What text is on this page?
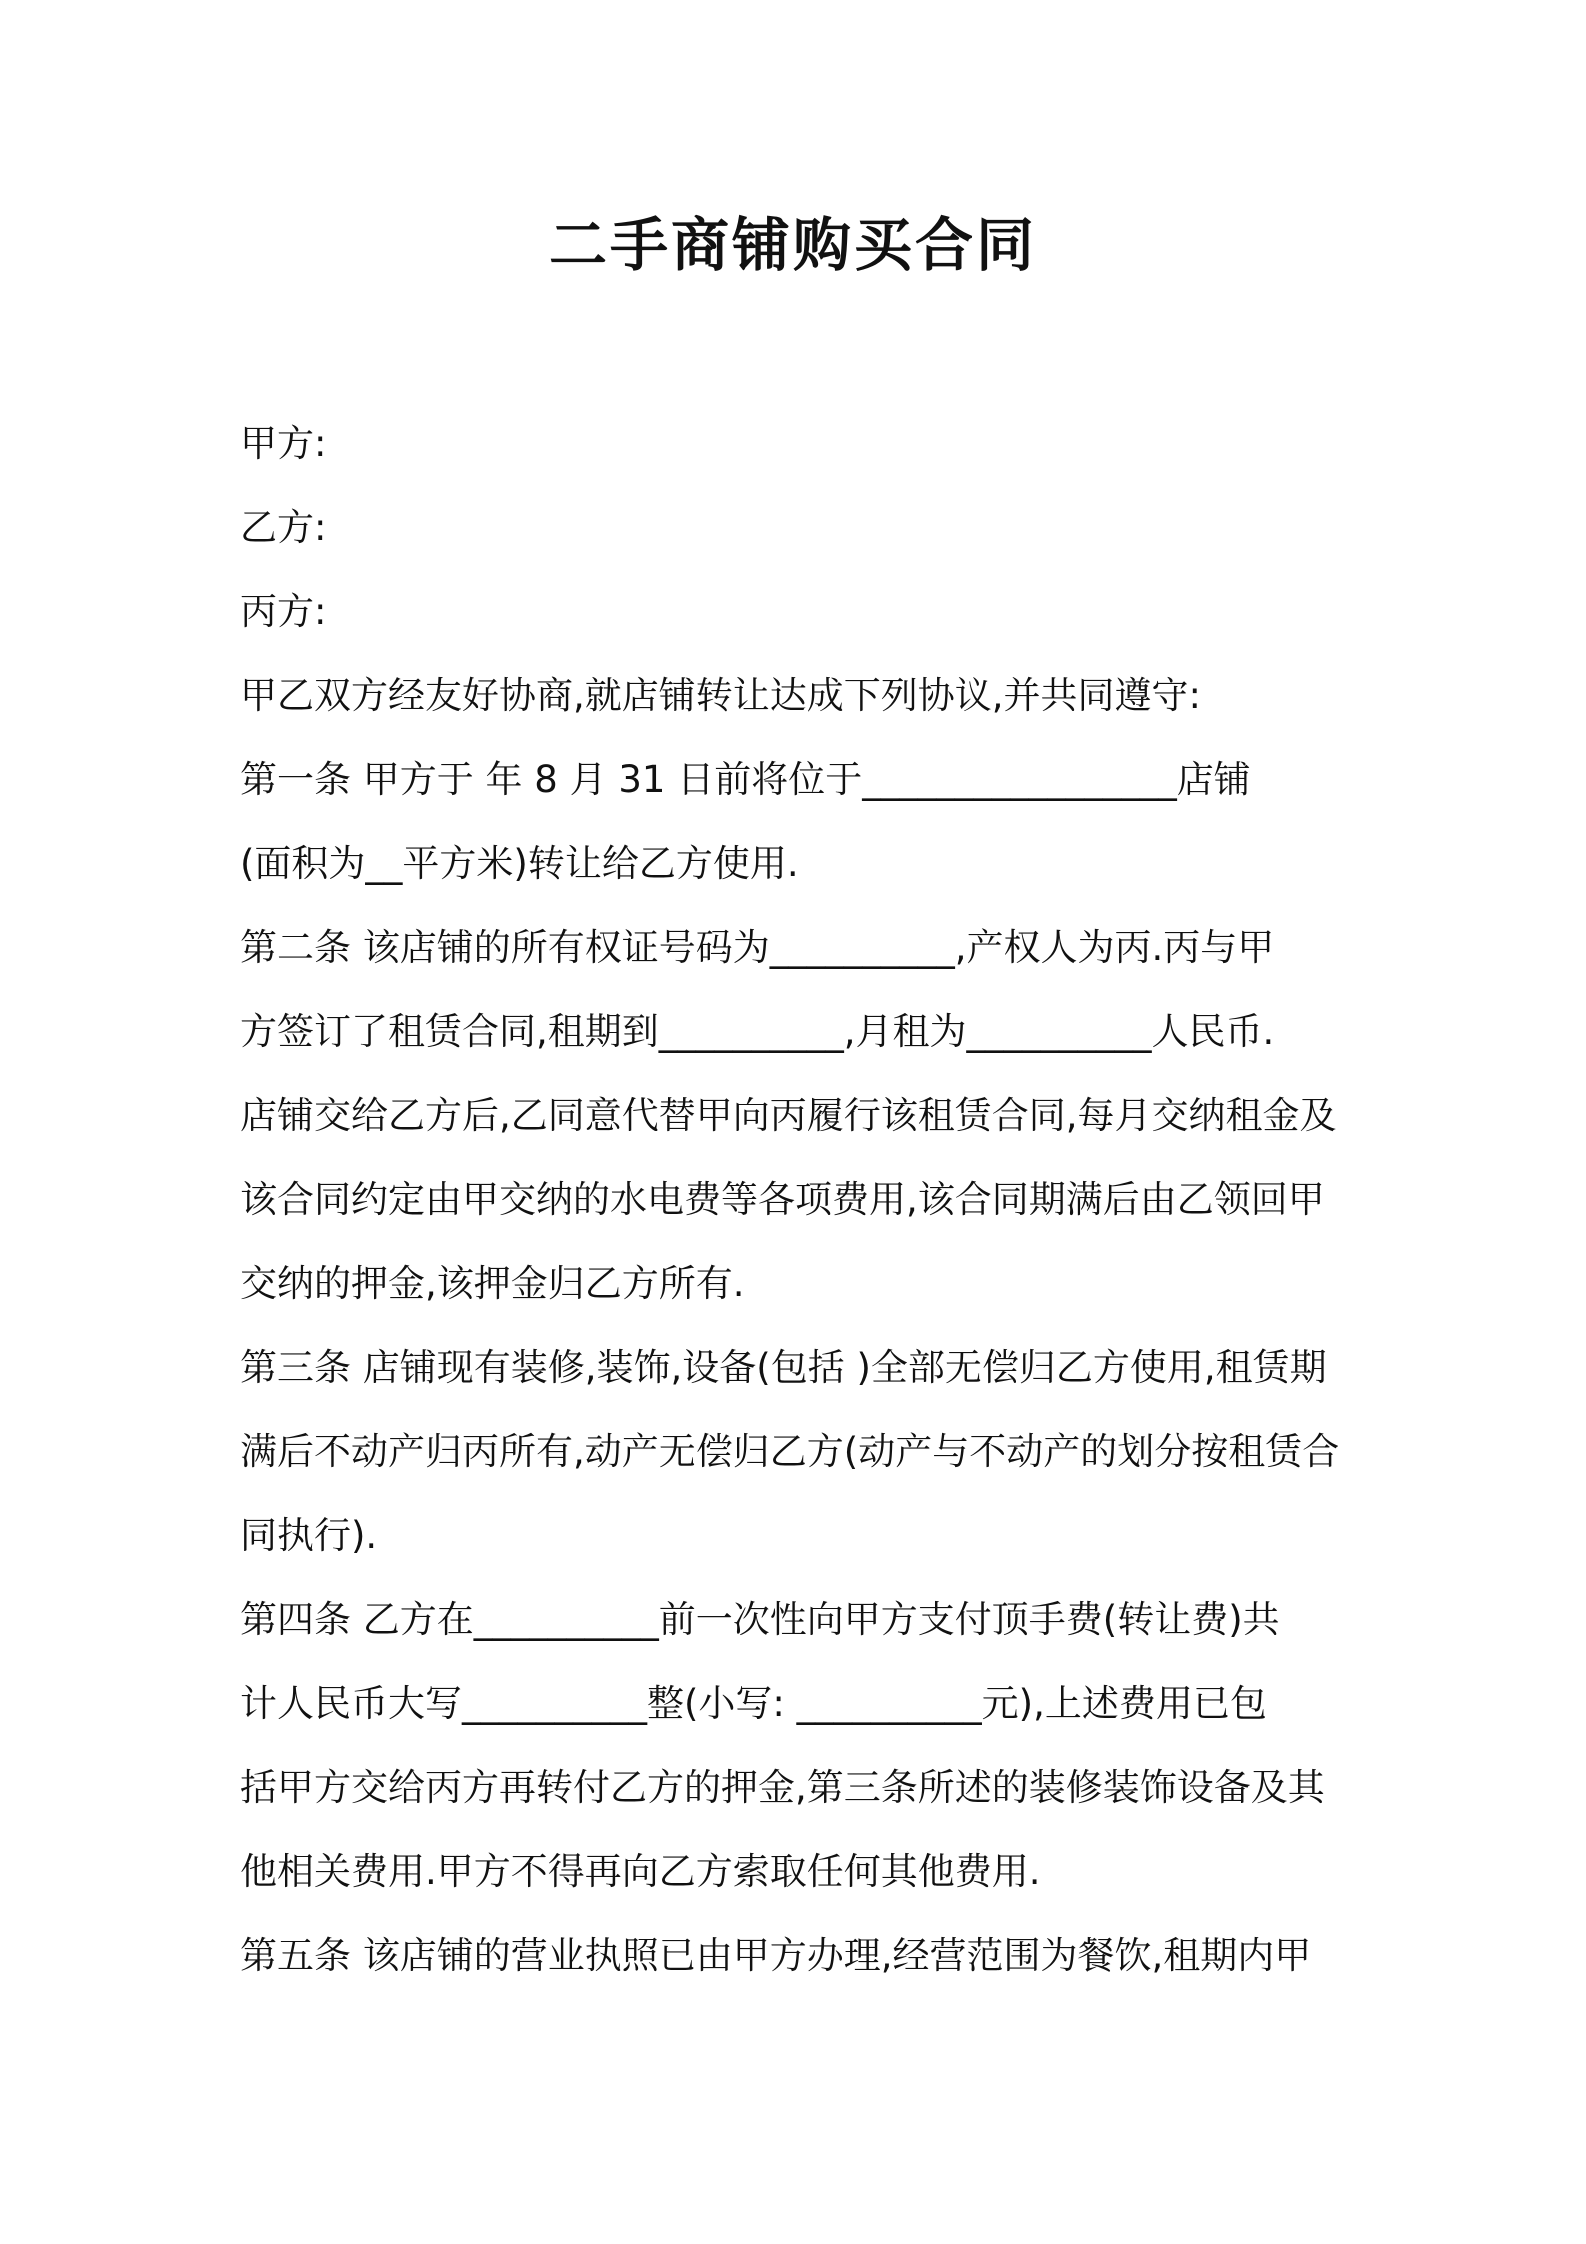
二手商铺购买合同
甲方:
乙方:
丙方:
甲乙双方经友好协商,就店铺转让达成下列协议,并共同遵守:
第一条 甲方于 年 8 月 31 日前将位于_________________店铺
(面积为__平方米)转让给乙方使用.
第二条 该店铺的所有权证号码为__________,产权人为丙.丙与甲
方签订了租赁合同,租期到__________,月租为__________人民币.
店铺交给乙方后,乙同意代替甲向丙履行该租赁合同,每月交纳租金及
该合同约定由甲交纳的水电费等各项费用,该合同期满后由乙领回甲
交纳的押金,该押金归乙方所有.
第三条 店铺现有装修,装饰,设备(包括 )全部无偿归乙方使用,租赁期
满后不动产归丙所有,动产无偿归乙方(动产与不动产的划分按租赁合
同执行).
第四条 乙方在__________前一次性向甲方支付顶手费(转让费)共
计人民币大写__________整(小写: __________元),上述费用已包
括甲方交给丙方再转付乙方的押金,第三条所述的装修装饰设备及其
他相关费用.甲方不得再向乙方索取任何其他费用.
第五条 该店铺的营业执照已由甲方办理,经营范围为餐饮,租期内甲
